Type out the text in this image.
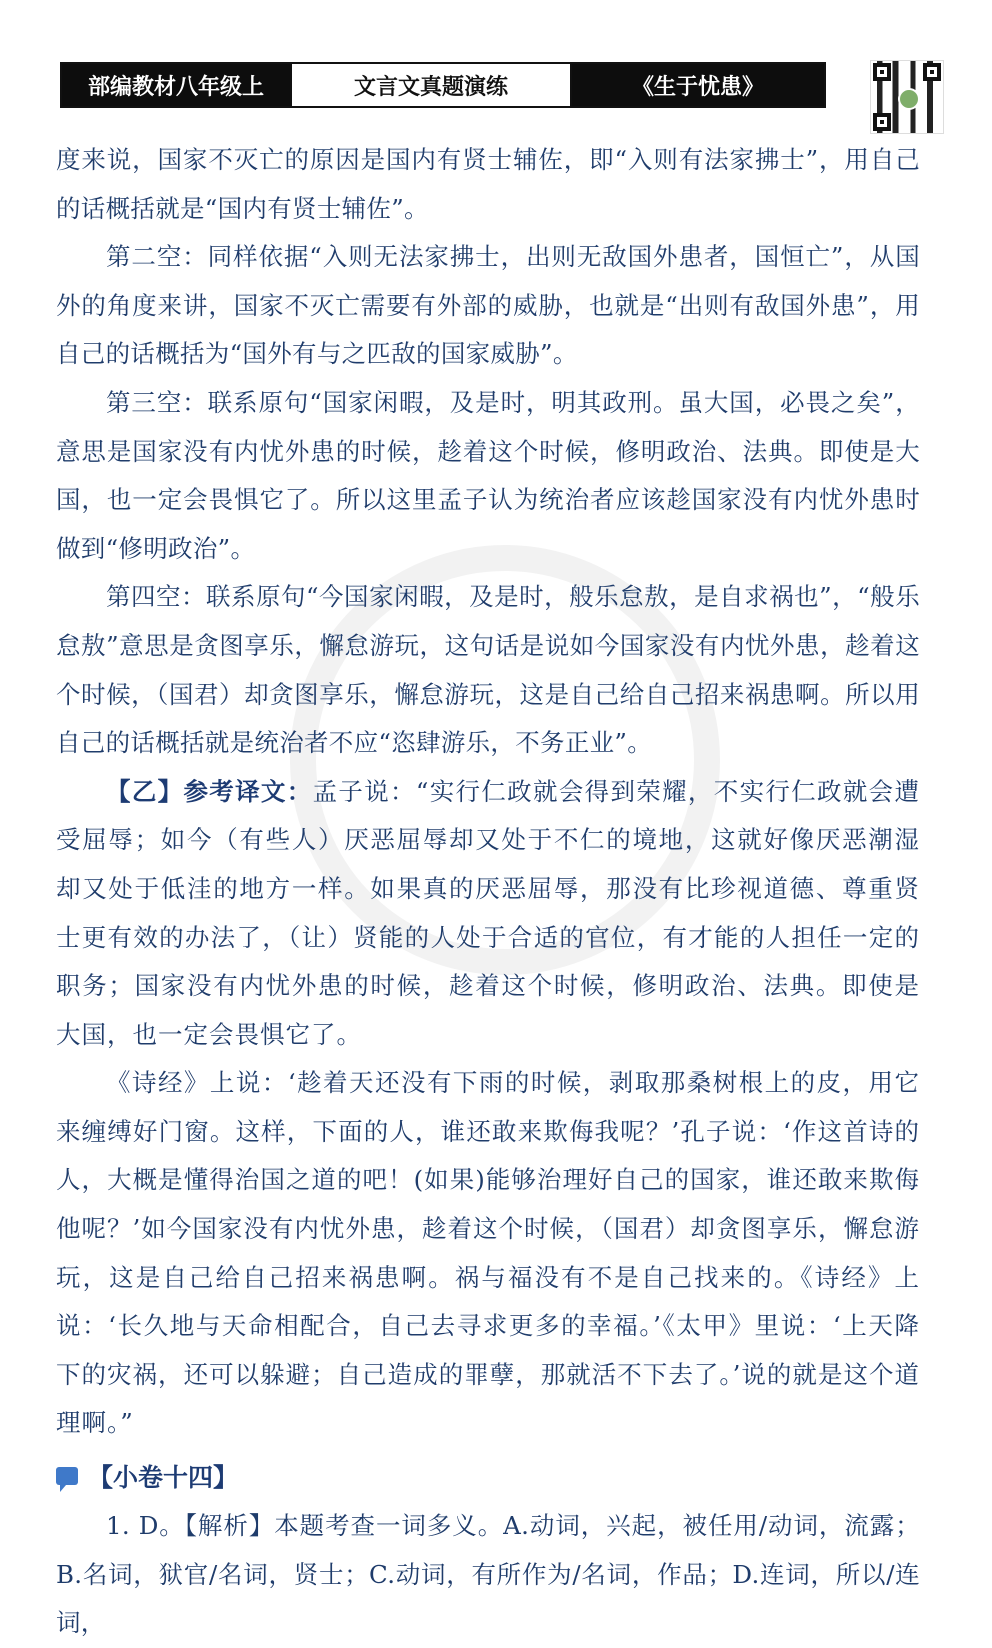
部编教材八年级上	文言文真题演练	《生于忧患》

度来说，国家不灭亡的原因是国内有贤士辅佐，即“入则有法家拂士”，用自己的话概括就是“国内有贤士辅佐”。

第二空：同样依据“入则无法家拂士，出则无敌国外患者，国恒亡”，从国外的角度来讲，国家不灭亡需要有外部的威胁，也就是“出则有敌国外患”，用自己的话概括为“国外有与之匹敌的国家威胁”。

第三空：联系原句“国家闲暇，及是时，明其政刑。虽大国，必畏之矣”，意思是国家没有内忧外患的时候，趁着这个时候，修明政治、法典。即使是大国，也一定会畏惧它了。所以这里孟子认为统治者应该趁国家没有内忧外患时做到“修明政治”。

第四空：联系原句“今国家闲暇，及是时，般乐怠敖，是自求祸也”，“般乐怠敖”意思是贪图享乐，懈怠游玩，这句话是说如今国家没有内忧外患，趁着这个时候，（国君）却贪图享乐，懈怠游玩，这是自己给自己招来祸患啊。所以用自己的话概括就是统治者不应“恣肆游乐，不务正业”。

【乙】参考译文：孟子说：“实行仁政就会得到荣耀，不实行仁政就会遭受屈辱；如今（有些人）厌恶屈辱却又处于不仁的境地，这就好像厌恶潮湿却又处于低洼的地方一样。如果真的厌恶屈辱，那没有比珍视道德、尊重贤士更有效的办法了，（让）贤能的人处于合适的官位，有才能的人担任一定的职务；国家没有内忧外患的时候，趁着这个时候，修明政治、法典。即使是大国，也一定会畏惧它了。

《诗经》上说：‘趁着天还没有下雨的时候，剥取那桑树根上的皮，用它来缠缚好门窗。这样，下面的人，谁还敢来欺侮我呢？’孔子说：‘作这首诗的人，大概是懂得治国之道的吧！(如果)能够治理好自己的国家，谁还敢来欺侮他呢？’如今国家没有内忧外患，趁着这个时候，（国君）却贪图享乐，懈怠游玩，这是自己给自己招来祸患啊。祸与福没有不是自己找来的。《诗经》上说：‘长久地与天命相配合，自己去寻求更多的幸福。’《太甲》里说：‘上天降下的灾祸，还可以躲避；自己造成的罪孽，那就活不下去了。’说的就是这个道理啊。”

【小卷十四】

1. D。【解析】本题考查一词多义。A.动词，兴起，被任用/动词，流露；B.名词，狱官/名词，贤士；C.动词，有所作为/名词，作品；D.连词，所以/连词，
